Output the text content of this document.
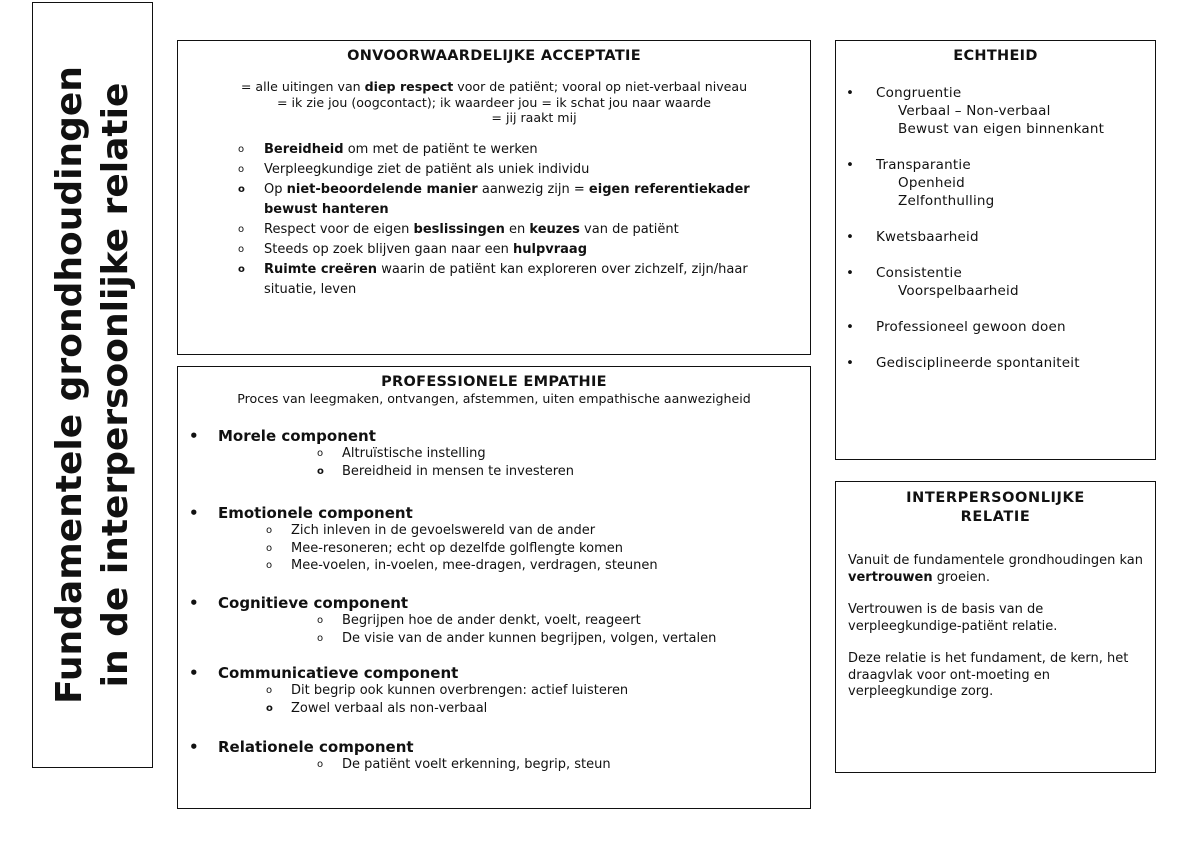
Fundamentele grondhoudingen in de interpersoonlijke relatie
ONVOORWAARDELIJKE ACCEPTATIE
= alle uitingen van diep respect voor de patiënt; vooral op niet-verbaal niveau
= ik zie jou (oogcontact); ik waardeer jou = ik schat jou naar waarde
= jij raakt mij
o Bereidheid om met de patiënt te werken
o Verpleegkundige ziet de patiënt als uniek individu
o Op niet-beoordelende manier aanwezig zijn = eigen referentiekader bewust hanteren
o Respect voor de eigen beslissingen en keuzes van de patiënt
o Steeds op zoek blijven gaan naar een hulpvraag
o Ruimte creëren waarin de patiënt kan exploreren over zichzelf, zijn/haar situatie, leven
PROFESSIONELE EMPATHIE
Proces van leegmaken, ontvangen, afstemmen, uiten empathische aanwezigheid
• Morele component
o Altruïstische instelling
o Bereidheid in mensen te investeren
• Emotionele component
o Zich inleven in de gevoelswereld van de ander
o Mee-resoneren; echt op dezelfde golflengte komen
o Mee-voelen, in-voelen, mee-dragen, verdragen, steunen
• Cognitieve component
o Begrijpen hoe de ander denkt, voelt, reageert
o De visie van de ander kunnen begrijpen, volgen, vertalen
• Communicatieve component
o Dit begrip ook kunnen overbrengen: actief luisteren
o Zowel verbaal als non-verbaal
• Relationele component
o De patiënt voelt erkenning, begrip, steun
ECHTHEID
• Congruentie
Verbaal – Non-verbaal
Bewust van eigen binnenkant
• Transparantie
Openheid
Zelfonthulling
• Kwetsbaarheid
• Consistentie
Voorspelbaarheid
• Professioneel gewoon doen
• Gedisciplineerde spontaniteit
INTERPERSOONLIJKE
RELATIE

Vanuit de fundamentele grondhoudingen kan vertrouwen groeien.

Vertrouwen is de basis van de verpleegkundige-patiënt relatie.

Deze relatie is het fundament, de kern, het draagvlak voor ont-moeting en verpleegkundige zorg.
